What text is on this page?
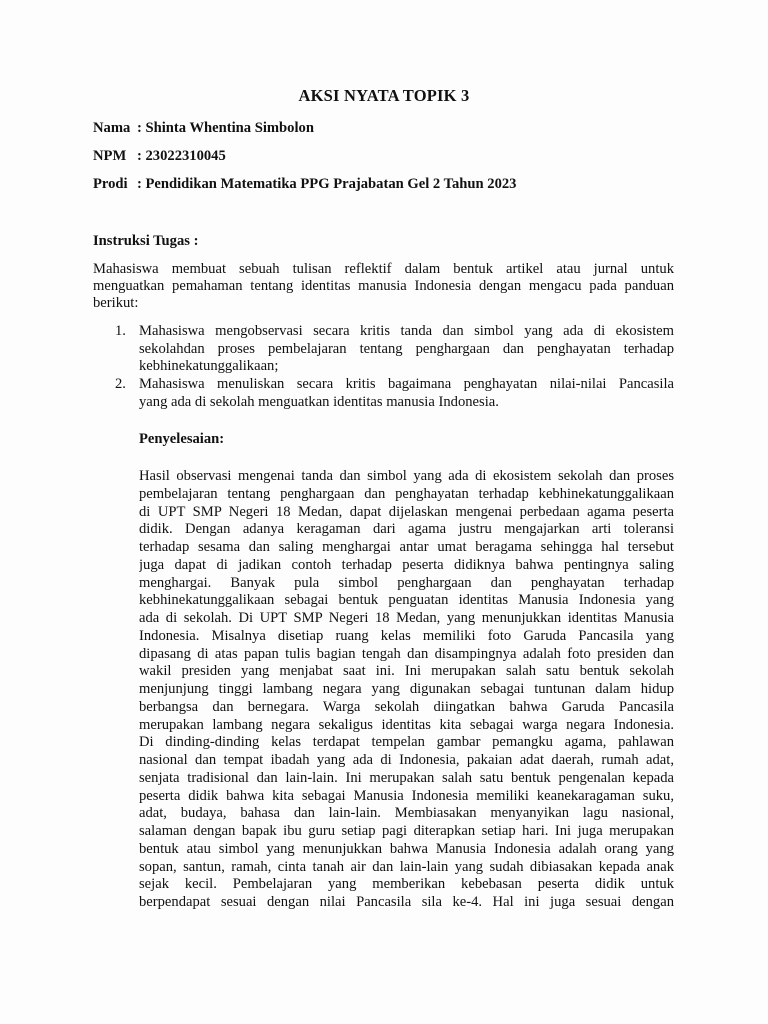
AKSI NYATA TOPIK 3
Nama : Shinta Whentina Simbolon
NPM : 23022310045
Prodi : Pendidikan Matematika PPG Prajabatan Gel 2 Tahun 2023
Instruksi Tugas :
Mahasiswa membuat sebuah tulisan reflektif dalam bentuk artikel atau jurnal untuk
menguatkan pemahaman tentang identitas manusia Indonesia dengan mengacu pada panduan
berikut:
1. Mahasiswa mengobservasi secara kritis tanda dan simbol yang ada di ekosistem
sekolahdan proses pembelajaran tentang penghargaan dan penghayatan terhadap
kebhinekatunggalikaan;
2. Mahasiswa menuliskan secara kritis bagaimana penghayatan nilai-nilai Pancasila
yang ada di sekolah menguatkan identitas manusia Indonesia.
Penyelesaian:
Hasil observasi mengenai tanda dan simbol yang ada di ekosistem sekolah dan proses
pembelajaran tentang penghargaan dan penghayatan terhadap kebhinekatunggalikaan
di UPT SMP Negeri 18 Medan, dapat dijelaskan mengenai perbedaan agama peserta
didik. Dengan adanya keragaman dari agama justru mengajarkan arti toleransi
terhadap sesama dan saling menghargai antar umat beragama sehingga hal tersebut
juga dapat di jadikan contoh terhadap peserta didiknya bahwa pentingnya saling
menghargai. Banyak pula simbol penghargaan dan penghayatan terhadap
kebhinekatunggalikaan sebagai bentuk penguatan identitas Manusia Indonesia yang
ada di sekolah. Di UPT SMP Negeri 18 Medan, yang menunjukkan identitas Manusia
Indonesia. Misalnya disetiap ruang kelas memiliki foto Garuda Pancasila yang
dipasang di atas papan tulis bagian tengah dan disampingnya adalah foto presiden dan
wakil presiden yang menjabat saat ini. Ini merupakan salah satu bentuk sekolah
menjunjung tinggi lambang negara yang digunakan sebagai tuntunan dalam hidup
berbangsa dan bernegara. Warga sekolah diingatkan bahwa Garuda Pancasila
merupakan lambang negara sekaligus identitas kita sebagai warga negara Indonesia.
Di dinding-dinding kelas terdapat tempelan gambar pemangku agama, pahlawan
nasional dan tempat ibadah yang ada di Indonesia, pakaian adat daerah, rumah adat,
senjata tradisional dan lain-lain. Ini merupakan salah satu bentuk pengenalan kepada
peserta didik bahwa kita sebagai Manusia Indonesia memiliki keanekaragaman suku,
adat, budaya, bahasa dan lain-lain. Membiasakan menyanyikan lagu nasional,
salaman dengan bapak ibu guru setiap pagi diterapkan setiap hari. Ini juga merupakan
bentuk atau simbol yang menunjukkan bahwa Manusia Indonesia adalah orang yang
sopan, santun, ramah, cinta tanah air dan lain-lain yang sudah dibiasakan kepada anak
sejak kecil. Pembelajaran yang memberikan kebebasan peserta didik untuk
berpendapat sesuai dengan nilai Pancasila sila ke-4. Hal ini juga sesuai dengan
